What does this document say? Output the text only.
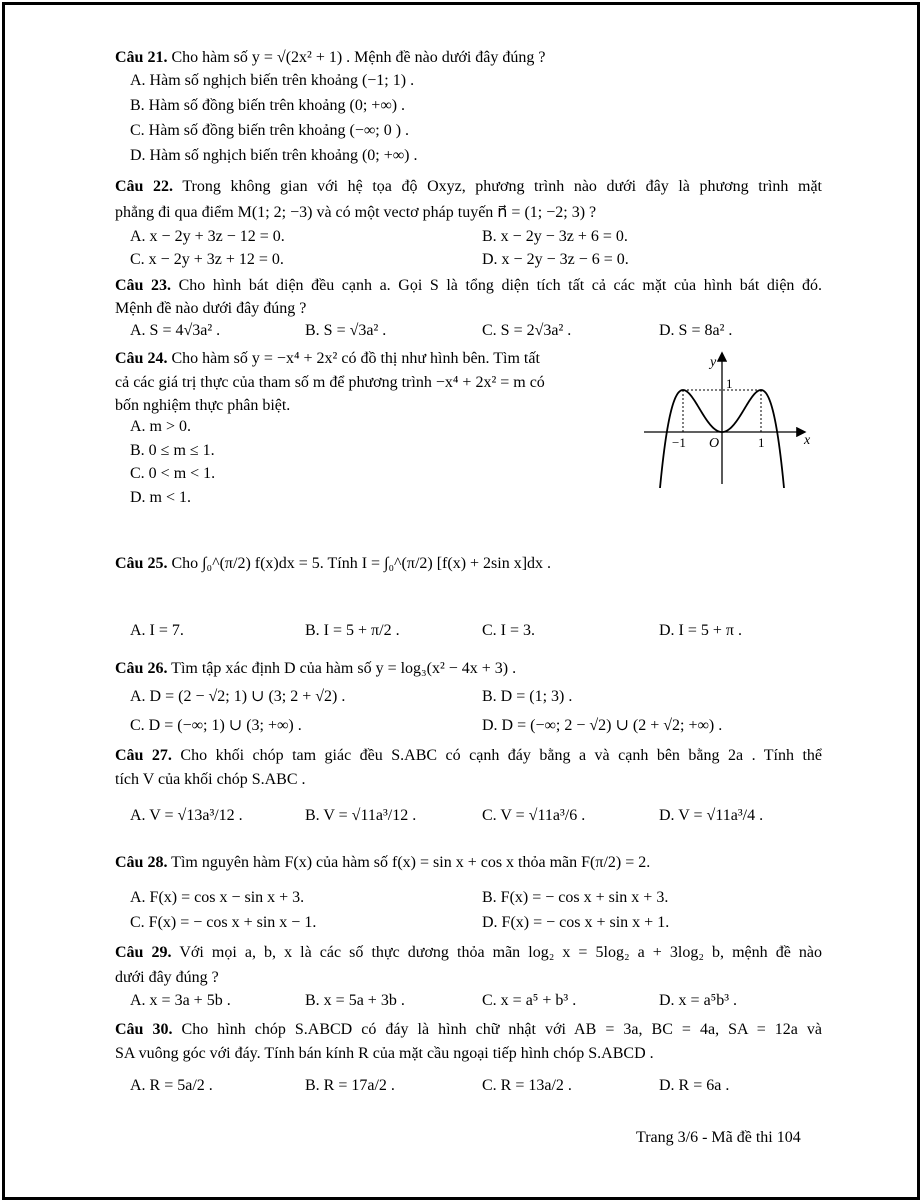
Câu 21. Cho hàm số y = √(2x² + 1) . Mệnh đề nào dưới đây đúng ?
A. Hàm số nghịch biến trên khoảng (−1; 1) .
B. Hàm số đồng biến trên khoảng (0; +∞) .
C. Hàm số đồng biến trên khoảng (−∞; 0 ) .
D. Hàm số nghịch biến trên khoảng (0; +∞) .
Câu 22. Trong không gian với hệ tọa độ Oxyz, phương trình nào dưới đây là phương trình mặt
phẳng đi qua điểm M(1; 2; −3) và có một vectơ pháp tuyến n⃗ = (1; −2; 3) ?
A. x − 2y + 3z − 12 = 0.	B. x − 2y − 3z + 6 = 0.
C. x − 2y + 3z + 12 = 0.	D. x − 2y − 3z − 6 = 0.
Câu 23. Cho hình bát diện đều cạnh a. Gọi S là tổng diện tích tất cả các mặt của hình bát diện đó.
Mệnh đề nào dưới đây đúng ?
A. S = 4√3a² .	B. S = √3a² .	C. S = 2√3a² .	D. S = 8a² .
Câu 24. Cho hàm số y = −x⁴ + 2x² có đồ thị như hình bên. Tìm tất
cả các giá trị thực của tham số m để phương trình −x⁴ + 2x² = m có
bốn nghiệm thực phân biệt.
A. m > 0.
B. 0 ≤ m ≤ 1.
C. 0 < m < 1.
D. m < 1.
y
x
O
−1	1
1
Câu 25. Cho ∫₀^(π/2) f(x)dx = 5. Tính I = ∫₀^(π/2) [f(x) + 2sin x]dx .
A. I = 7.	B. I = 5 + π/2 .	C. I = 3.	D. I = 5 + π .
Câu 26. Tìm tập xác định D của hàm số y = log₃(x² − 4x + 3) .
A. D = (2 − √2; 1) ∪ (3; 2 + √2) .	B. D = (1; 3) .
C. D = (−∞; 1) ∪ (3; +∞) .	D. D = (−∞; 2 − √2) ∪ (2 + √2; +∞) .
Câu 27. Cho khối chóp tam giác đều S.ABC có cạnh đáy bằng a và cạnh bên bằng 2a . Tính thể
tích V của khối chóp S.ABC .
A. V = √13a³/12 .	B. V = √11a³/12 .	C. V = √11a³/6 .	D. V = √11a³/4 .
Câu 28. Tìm nguyên hàm F(x) của hàm số f(x) = sin x + cos x thỏa mãn F(π/2) = 2.
A. F(x) = cos x − sin x + 3.	B. F(x) = − cos x + sin x + 3.
C. F(x) = − cos x + sin x − 1.	D. F(x) = − cos x + sin x + 1.
Câu 29. Với mọi a, b, x là các số thực dương thỏa mãn log₂ x = 5log₂ a + 3log₂ b, mệnh đề nào
dưới đây đúng ?
A. x = 3a + 5b .	B. x = 5a + 3b .	C. x = a⁵ + b³ .	D. x = a⁵b³ .
Câu 30. Cho hình chóp S.ABCD có đáy là hình chữ nhật với AB = 3a, BC = 4a, SA = 12a và
SA vuông góc với đáy. Tính bán kính R của mặt cầu ngoại tiếp hình chóp S.ABCD .
A. R = 5a/2 .	B. R = 17a/2 .	C. R = 13a/2 .	D. R = 6a .
Trang 3/6 - Mã đề thi 104
